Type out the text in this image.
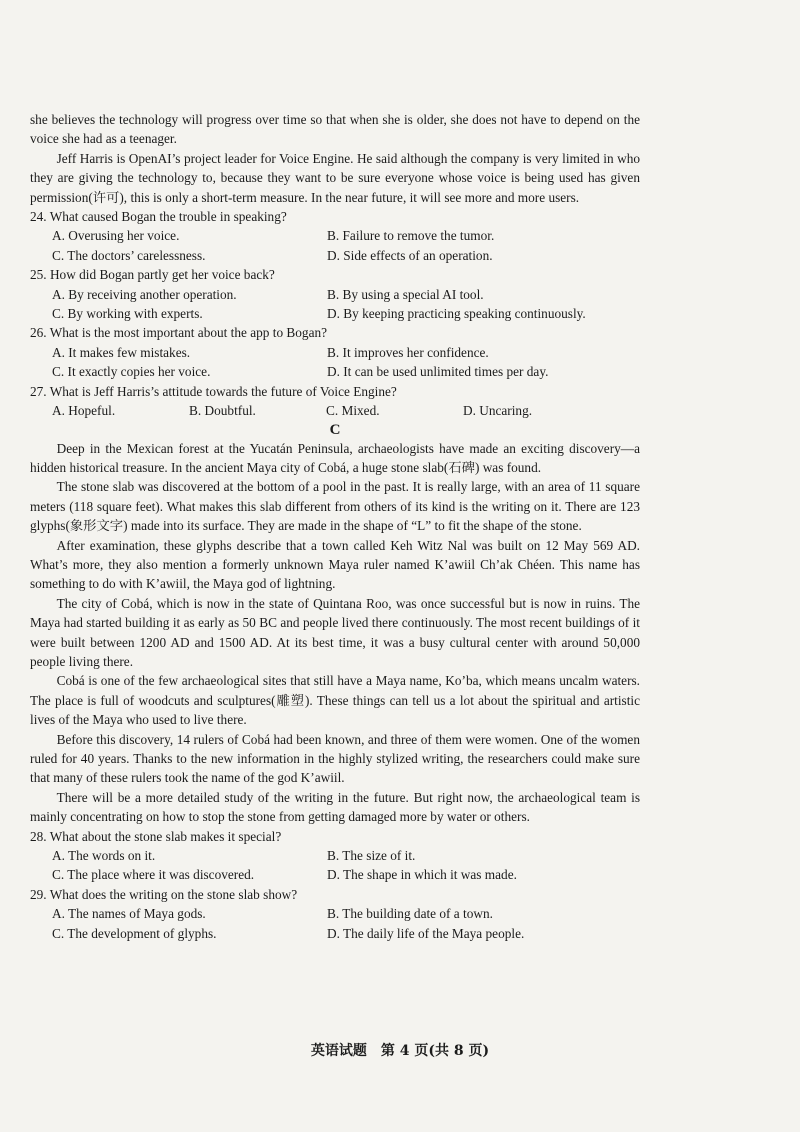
she believes the technology will progress over time so that when she is older, she does not have to depend on the voice she had as a teenager.

Jeff Harris is OpenAI’s project leader for Voice Engine. He said although the company is very limited in who they are giving the technology to, because they want to be sure everyone whose voice is being used has given permission(许可), this is only a short-term measure. In the near future, it will see more and more users.

24. What caused Bogan the trouble in speaking?

A. Overusing her voice.	B. Failure to remove the tumor.
C. The doctors’ carelessness.	D. Side effects of an operation.

25. How did Bogan partly get her voice back?

A. By receiving another operation.	B. By using a special AI tool.
C. By working with experts.	D. By keeping practicing speaking continuously.

26. What is the most important about the app to Bogan?

A. It makes few mistakes.	B. It improves her confidence.
C. It exactly copies her voice.	D. It can be used unlimited times per day.

27. What is Jeff Harris’s attitude towards the future of Voice Engine?

A. Hopeful.	B. Doubtful.	C. Mixed.	D. Uncaring.

C

Deep in the Mexican forest at the Yucatán Peninsula, archaeologists have made an exciting discovery—a hidden historical treasure. In the ancient Maya city of Cobá, a huge stone slab(石碑) was found.

The stone slab was discovered at the bottom of a pool in the past. It is really large, with an area of 11 square meters (118 square feet). What makes this slab different from others of its kind is the writing on it. There are 123 glyphs(象形文字) made into its surface. They are made in the shape of “L” to fit the shape of the stone.

After examination, these glyphs describe that a town called Keh Witz Nal was built on 12 May 569 AD. What’s more, they also mention a formerly unknown Maya ruler named K’awiil Ch’ak Chéen. This name has something to do with K’awiil, the Maya god of lightning.

The city of Cobá, which is now in the state of Quintana Roo, was once successful but is now in ruins. The Maya had started building it as early as 50 BC and people lived there continuously. The most recent buildings of it were built between 1200 AD and 1500 AD. At its best time, it was a busy cultural center with around 50,000 people living there.

Cobá is one of the few archaeological sites that still have a Maya name, Ko’ba, which means uncalm waters. The place is full of woodcuts and sculptures(雕塑). These things can tell us a lot about the spiritual and artistic lives of the Maya who used to live there.

Before this discovery, 14 rulers of Cobá had been known, and three of them were women. One of the women ruled for 40 years. Thanks to the new information in the highly stylized writing, the researchers could make sure that many of these rulers took the name of the god K’awiil.

There will be a more detailed study of the writing in the future. But right now, the archaeological team is mainly concentrating on how to stop the stone from getting damaged more by water or others.

28. What about the stone slab makes it special?

A. The words on it.	B. The size of it.
C. The place where it was discovered.	D. The shape in which it was made.

29. What does the writing on the stone slab show?

A. The names of Maya gods.	B. The building date of a town.
C. The development of glyphs.	D. The daily life of the Maya people.
英语试题　第 4 页(共 8 页)
